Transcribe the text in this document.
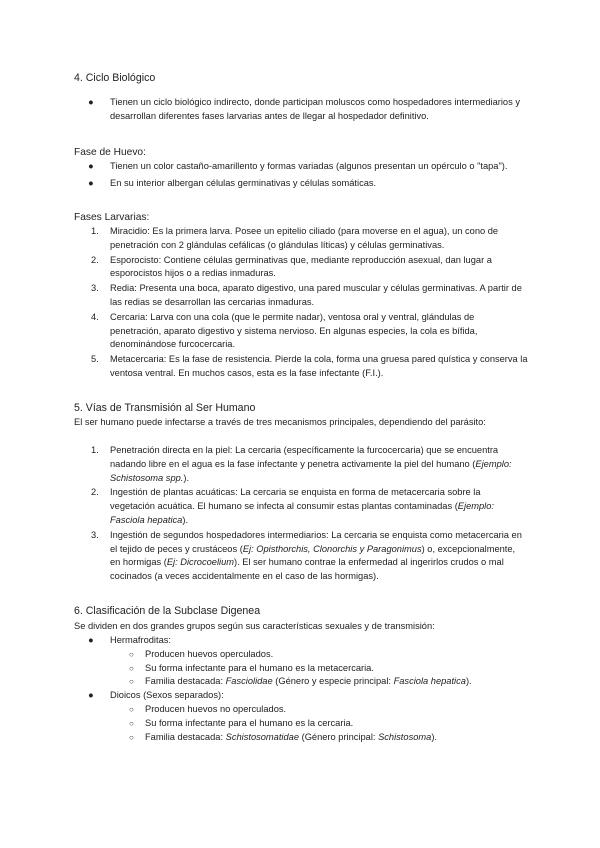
4. Ciclo Biológico
●	Tienen un ciclo biológico indirecto, donde participan moluscos como hospedadores intermediarios y desarrollan diferentes fases larvarias antes de llegar al hospedador definitivo.

Fase de Huevo:

●	Tienen un color castaño-amarillento y formas variadas (algunos presentan un opérculo o "tapa").
●	En su interior albergan células germinativas y células somáticas.

Fases Larvarias:

1.	Miracidio: Es la primera larva. Posee un epitelio ciliado (para moverse en el agua), un cono de penetración con 2 glándulas cefálicas (o glándulas líticas) y células germinativas.
2.	Esporocisto: Contiene células germinativas que, mediante reproducción asexual, dan lugar a esporocistos hijos o a redias inmaduras.
3.	Redia: Presenta una boca, aparato digestivo, una pared muscular y células germinativas. A partir de las redias se desarrollan las cercarias inmaduras.
4.	Cercaria: Larva con una cola (que le permite nadar), ventosa oral y ventral, glándulas de penetración, aparato digestivo y sistema nervioso. En algunas especies, la cola es bífida, denominándose furcocercaria.
5.	Metacercaria: Es la fase de resistencia. Pierde la cola, forma una gruesa pared quística y conserva la ventosa ventral. En muchos casos, esta es la fase infectante (F.I.).
5. Vías de Transmisión al Ser Humano

El ser humano puede infectarse a través de tres mecanismos principales, dependiendo del parásito:

1.	Penetración directa en la piel: La cercaria (específicamente la furcocercaria) que se encuentra nadando libre en el agua es la fase infectante y penetra activamente la piel del humano (Ejemplo: Schistosoma spp.).
2.	Ingestión de plantas acuáticas: La cercaria se enquista en forma de metacercaria sobre la vegetación acuática. El humano se infecta al consumir estas plantas contaminadas (Ejemplo: Fasciola hepatica).
3.	Ingestión de segundos hospedadores intermediarios: La cercaria se enquista como metacercaria en el tejido de peces y crustáceos (Ej: Opisthorchis, Clonorchis y Paragonimus) o, excepcionalmente, en hormigas (Ej: Dicrocoelium). El ser humano contrae la enfermedad al ingerirlos crudos o mal cocinados (a veces accidentalmente en el caso de las hormigas).
6. Clasificación de la Subclase Digenea

Se dividen en dos grandes grupos según sus características sexuales y de transmisión:

●	Hermafroditas:
○ Producen huevos operculados.
○ Su forma infectante para el humano es la metacercaria.
○ Familia destacada: Fasciolidae (Género y especie principal: Fasciola hepatica).
●	Dioicos (Sexos separados):
○ Producen huevos no operculados.
○ Su forma infectante para el humano es la cercaria.
○ Familia destacada: Schistosomatidae (Género principal: Schistosoma).
